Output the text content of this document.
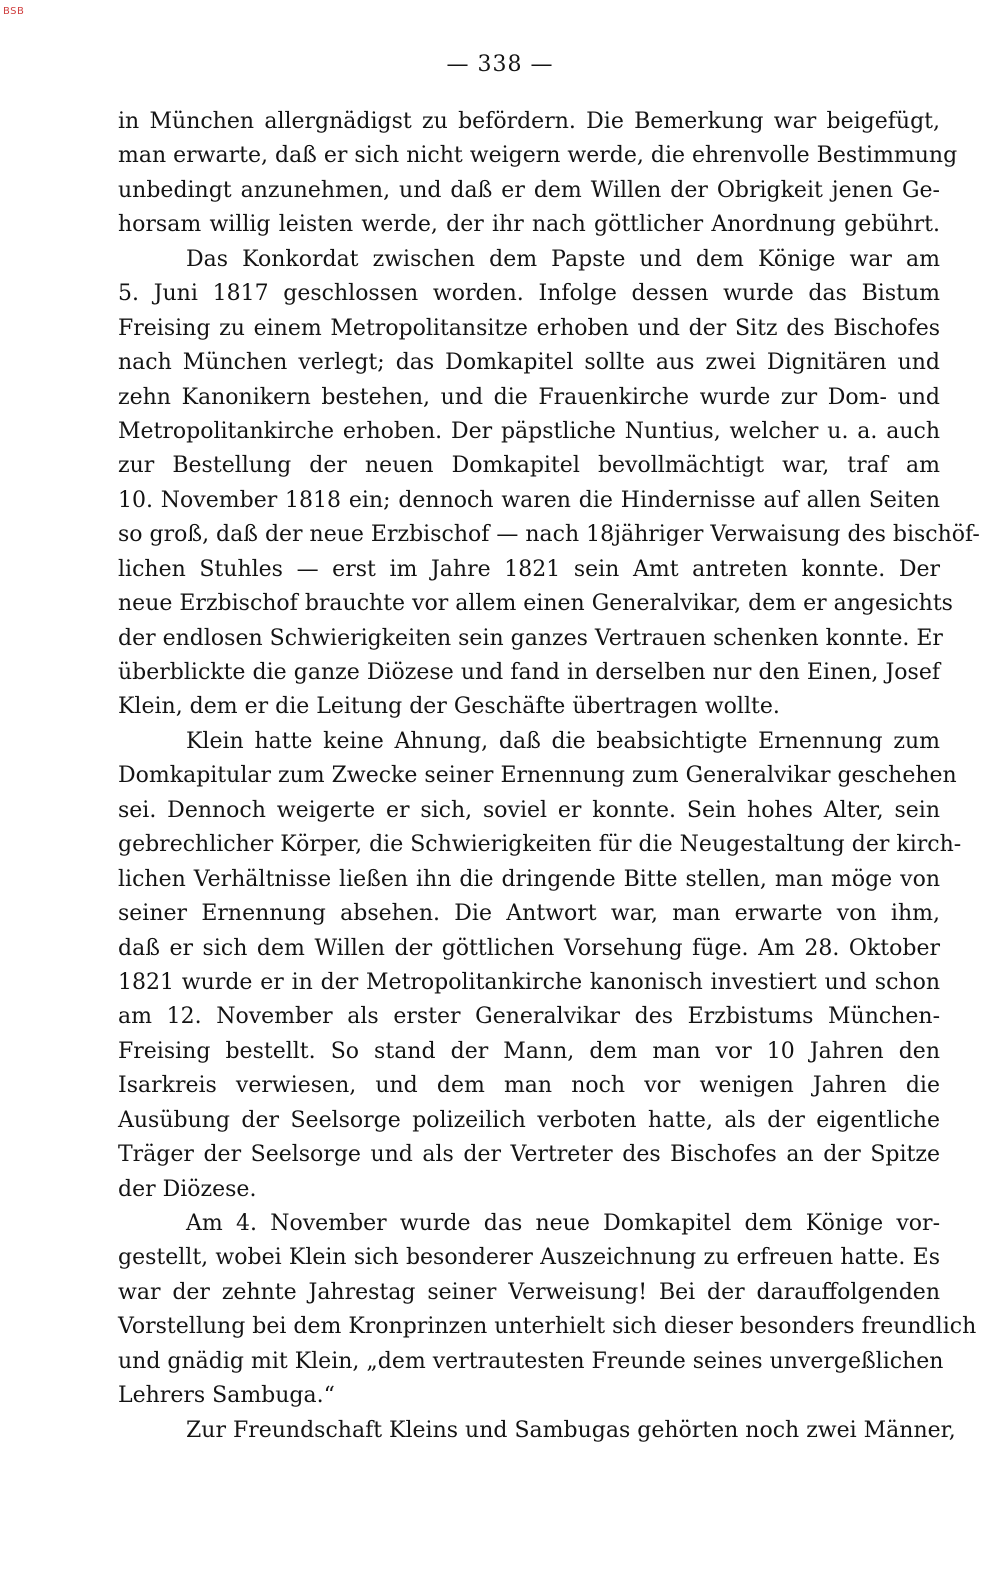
BSB
— 338 —
in München allergnädigst zu befördern. Die Bemerkung war beigefügt,
man erwarte, daß er sich nicht weigern werde, die ehrenvolle Bestimmung
unbedingt anzunehmen, und daß er dem Willen der Obrigkeit jenen Ge-
horsam willig leisten werde, der ihr nach göttlicher Anordnung gebührt.
Das Konkordat zwischen dem Papste und dem Könige war am
5. Juni 1817 geschlossen worden. Infolge dessen wurde das Bistum
Freising zu einem Metropolitansitze erhoben und der Sitz des Bischofes
nach München verlegt; das Domkapitel sollte aus zwei Dignitären und
zehn Kanonikern bestehen, und die Frauenkirche wurde zur Dom- und
Metropolitankirche erhoben. Der päpstliche Nuntius, welcher u. a. auch
zur Bestellung der neuen Domkapitel bevollmächtigt war, traf am
10. November 1818 ein; dennoch waren die Hindernisse auf allen Seiten
so groß, daß der neue Erzbischof — nach 18jähriger Verwaisung des bischöf-
lichen Stuhles — erst im Jahre 1821 sein Amt antreten konnte. Der
neue Erzbischof brauchte vor allem einen Generalvikar, dem er angesichts
der endlosen Schwierigkeiten sein ganzes Vertrauen schenken konnte. Er
überblickte die ganze Diözese und fand in derselben nur den Einen, Josef
Klein, dem er die Leitung der Geschäfte übertragen wollte.
Klein hatte keine Ahnung, daß die beabsichtigte Ernennung zum
Domkapitular zum Zwecke seiner Ernennung zum Generalvikar geschehen
sei. Dennoch weigerte er sich, soviel er konnte. Sein hohes Alter, sein
gebrechlicher Körper, die Schwierigkeiten für die Neugestaltung der kirch-
lichen Verhältnisse ließen ihn die dringende Bitte stellen, man möge von
seiner Ernennung absehen. Die Antwort war, man erwarte von ihm,
daß er sich dem Willen der göttlichen Vorsehung füge. Am 28. Oktober
1821 wurde er in der Metropolitankirche kanonisch investiert und schon
am 12. November als erster Generalvikar des Erzbistums München-
Freising bestellt. So stand der Mann, dem man vor 10 Jahren den
Isarkreis verwiesen, und dem man noch vor wenigen Jahren die
Ausübung der Seelsorge polizeilich verboten hatte, als der eigentliche
Träger der Seelsorge und als der Vertreter des Bischofes an der Spitze
der Diözese.
Am 4. November wurde das neue Domkapitel dem Könige vor-
gestellt, wobei Klein sich besonderer Auszeichnung zu erfreuen hatte. Es
war der zehnte Jahrestag seiner Verweisung! Bei der darauffolgenden
Vorstellung bei dem Kronprinzen unterhielt sich dieser besonders freundlich
und gnädig mit Klein, „dem vertrautesten Freunde seines unvergeßlichen
Lehrers Sambuga.“
Zur Freundschaft Kleins und Sambugas gehörten noch zwei Männer,
